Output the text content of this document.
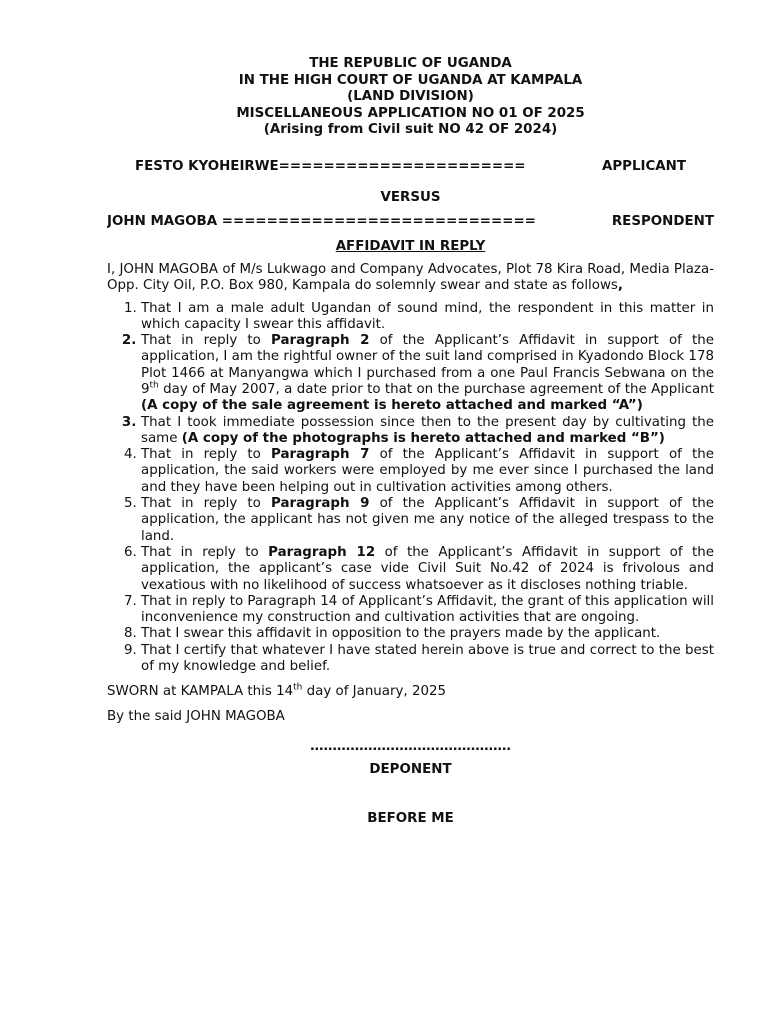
THE REPUBLIC OF UGANDA
IN THE HIGH COURT OF UGANDA AT KAMPALA
(LAND DIVISION)
MISCELLANEOUS APPLICATION NO 01 OF 2025
(Arising from Civil suit NO 42 OF 2024)
FESTO KYOHEIRWE======================	APPLICANT
VERSUS
JOHN MAGOBA ============================	RESPONDENT
AFFIDAVIT IN REPLY
I, JOHN MAGOBA of M/s Lukwago and Company Advocates, Plot 78 Kira Road, Media Plaza- Opp. City Oil, P.O. Box 980, Kampala do solemnly swear and state as follows,
1. That I am a male adult Ugandan of sound mind, the respondent in this matter in which capacity I swear this affidavit.
2. That in reply to Paragraph 2 of the Applicant’s Affidavit in support of the application, I am the rightful owner of the suit land comprised in Kyadondo Block 178 Plot 1466 at Manyangwa which I purchased from a one Paul Francis Sebwana on the 9th day of May 2007, a date prior to that on the purchase agreement of the Applicant (A copy of the sale agreement is hereto attached and marked “A”)
3. That I took immediate possession since then to the present day by cultivating the same (A copy of the photographs is hereto attached and marked “B”)
4. That in reply to Paragraph 7 of the Applicant’s Affidavit in support of the application, the said workers were employed by me ever since I purchased the land and they have been helping out in cultivation activities among others.
5. That in reply to Paragraph 9 of the Applicant’s Affidavit in support of the application, the applicant has not given me any notice of the alleged trespass to the land.
6. That in reply to Paragraph 12 of the Applicant’s Affidavit in support of the application, the applicant’s case vide Civil Suit No.42 of 2024 is frivolous and vexatious with no likelihood of success whatsoever as it discloses nothing triable.
7. That in reply to Paragraph 14 of Applicant’s Affidavit, the grant of this application will inconvenience my construction and cultivation activities that are ongoing.
8. That I swear this affidavit in opposition to the prayers made by the applicant.
9. That I certify that whatever I have stated herein above is true and correct to the best of my knowledge and belief.
SWORN at KAMPALA this 14th day of January, 2025
By the said JOHN MAGOBA
………………………………………
DEPONENT
BEFORE ME
